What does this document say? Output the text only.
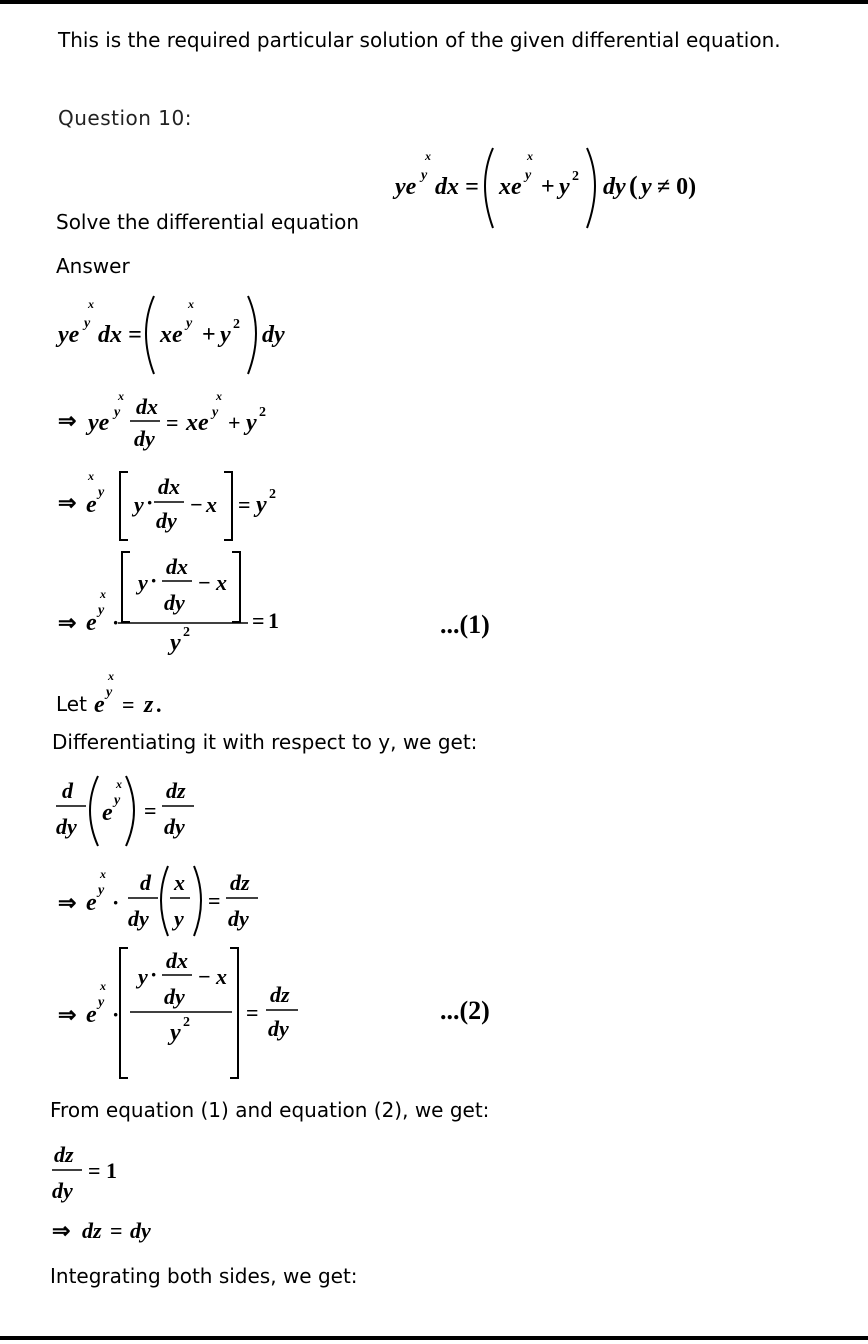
This is the required particular solution of the given differential equation.
Question 10:
x
ye y dx =
x
xe y + y 2 dy ( y ≠ 0)
Solve the differential equation
Answer
x
ye y dx =
x
xe y + y 2 dy
⇒
x
ye y dx
dy
=
x
xe y + y 2
⇒
x
e y y ·
dx
dy
− x = y 2
⇒
x
e y ·
y ·
dx
dy
− x
y 2	= 1	...(1)
Let
x
e y = z .
Differentiating it with respect to y, we get:
d
dy
x
e y =
dz
dy
⇒
x
e y ·
d
dy
x
y
=
dz
dy
⇒
x
e y ·
y ·
dx
dy
− x
y 2	=
dz
dy
...(2)
From equation (1) and equation (2), we get:
dz
dy
= 1
⇒ dz = dy
Integrating both sides, we get:
